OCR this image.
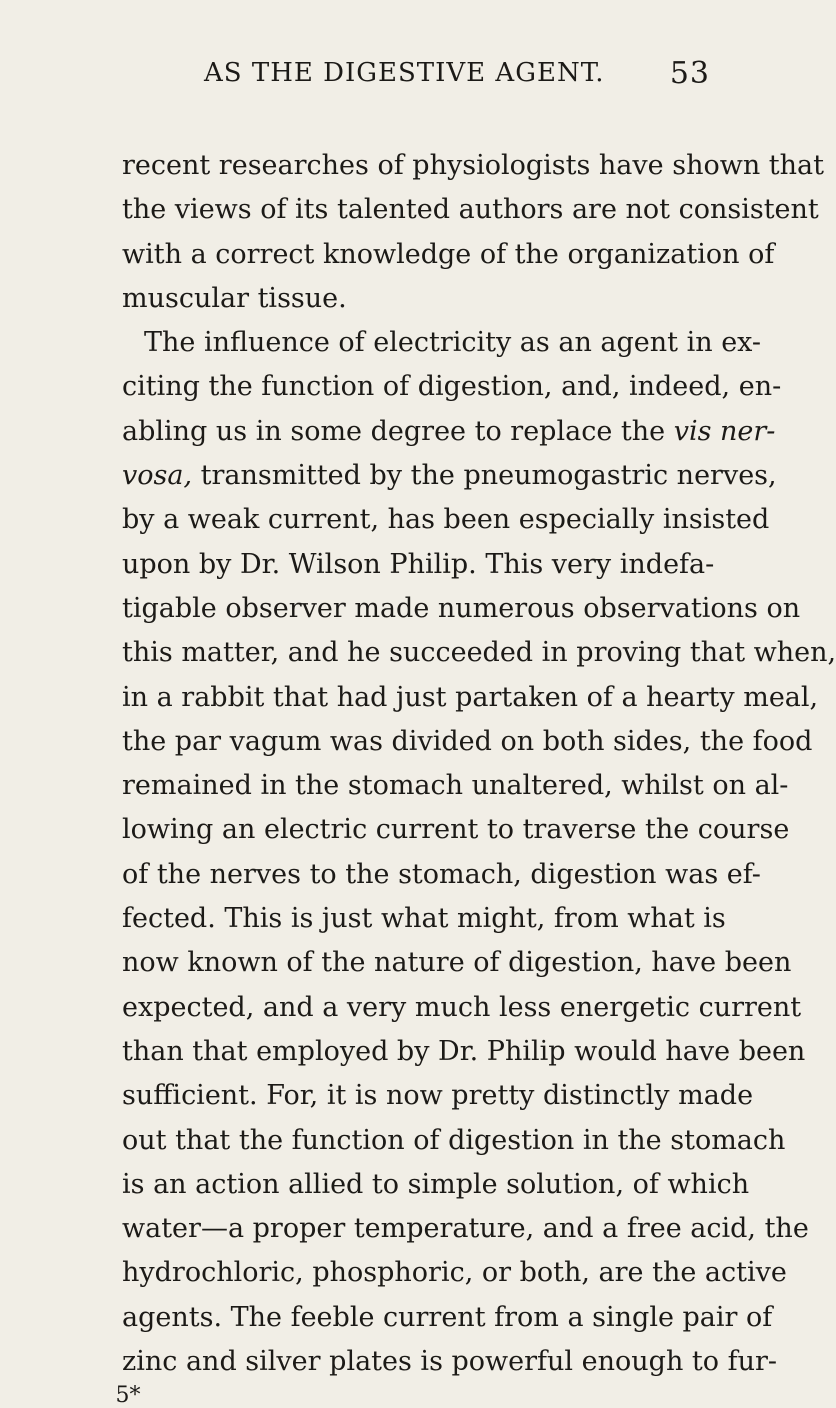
AS THE DIGESTIVE AGENT. 53
recent researches of physiologists have shown that
the views of its talented authors are not consistent
with a correct knowledge of the organization of
muscular tissue.
The influence of electricity as an agent in ex-
citing the function of digestion, and, indeed, en-
abling us in some degree to replace the vis ner-
vosa, transmitted by the pneumogastric nerves,
by a weak current, has been especially insisted
upon by Dr. Wilson Philip. This very indefa-
tigable observer made numerous observations on
this matter, and he succeeded in proving that when,
in a rabbit that had just partaken of a hearty meal,
the par vagum was divided on both sides, the food
remained in the stomach unaltered, whilst on al-
lowing an electric current to traverse the course
of the nerves to the stomach, digestion was ef-
fected. This is just what might, from what is
now known of the nature of digestion, have been
expected, and a very much less energetic current
than that employed by Dr. Philip would have been
sufficient. For, it is now pretty distinctly made
out that the function of digestion in the stomach
is an action allied to simple solution, of which
water—a proper temperature, and a free acid, the
hydrochloric, phosphoric, or both, are the active
agents. The feeble current from a single pair of
zinc and silver plates is powerful enough to fur-
5*
